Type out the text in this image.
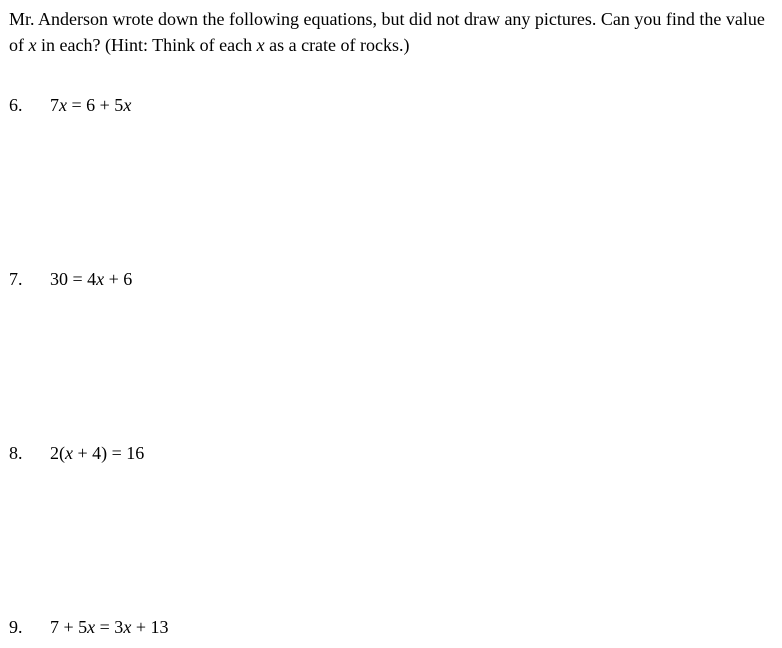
Mr. Anderson wrote down the following equations, but did not draw any pictures. Can you find the value of x in each? (Hint: Think of each x as a crate of rocks.)

6. 7x = 6 + 5x
7. 30 = 4x + 6
8. 2(x + 4) = 16
9. 7 + 5x = 3x + 13
